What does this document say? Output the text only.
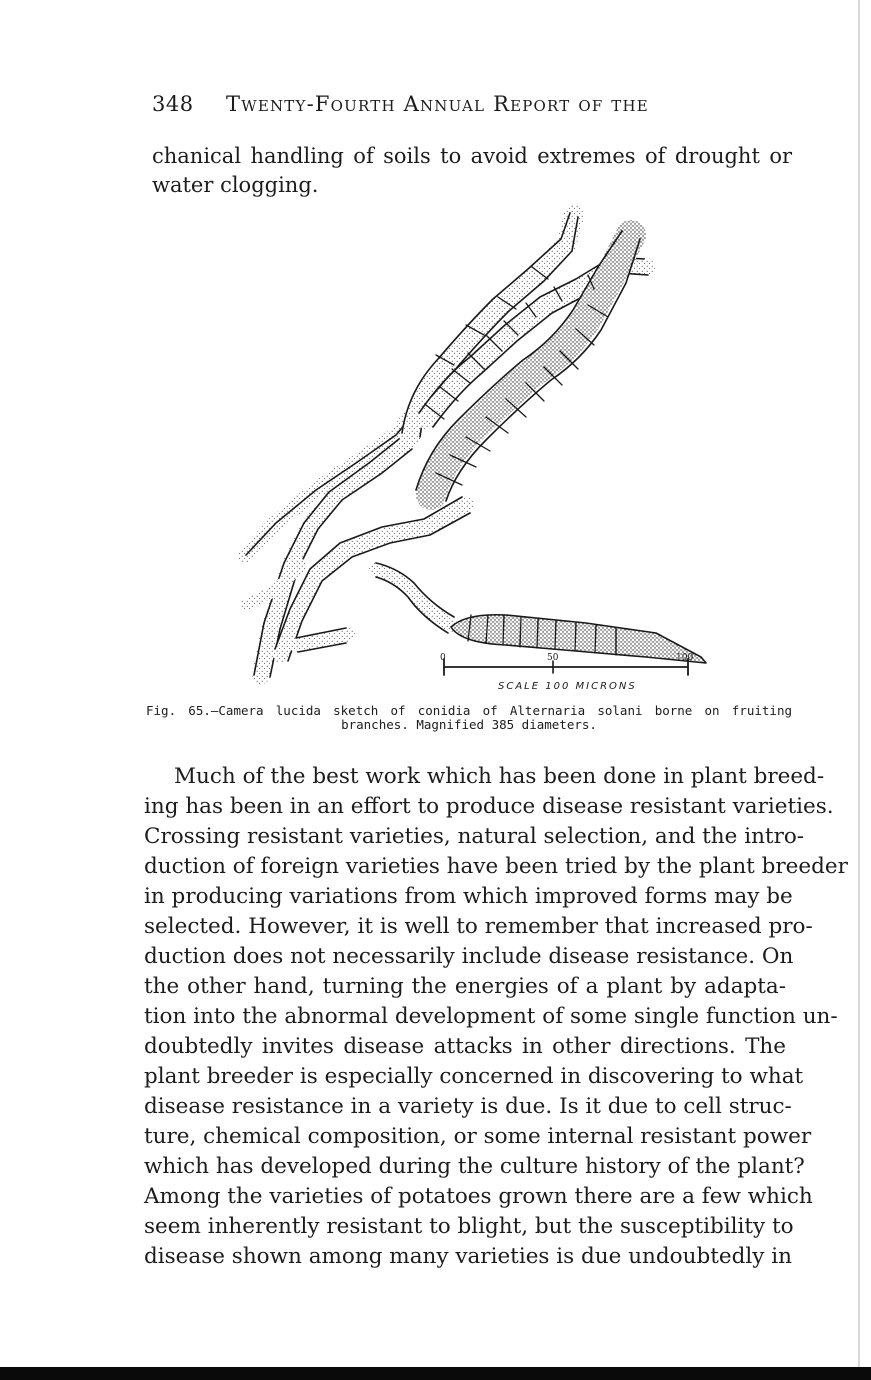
348 Twenty-Fourth Annual Report of the
chanical handling of soils to avoid extremes of drought or
water clogging.
0	50	100
SCALE 100 MICRONS
Fig. 65.—Camera lucida sketch of conidia of Alternaria solani borne on fruiting
branches. Magnified 385 diameters.
Much of the best work which has been done in plant breed-
ing has been in an effort to produce disease resistant varieties.
Crossing resistant varieties, natural selection, and the intro-
duction of foreign varieties have been tried by the plant breeder
in producing variations from which improved forms may be
selected. However, it is well to remember that increased pro-
duction does not necessarily include disease resistance. On
the other hand, turning the energies of a plant by adapta-
tion into the abnormal development of some single function un-
doubtedly invites disease attacks in other directions. The
plant breeder is especially concerned in discovering to what
disease resistance in a variety is due. Is it due to cell struc-
ture, chemical composition, or some internal resistant power
which has developed during the culture history of the plant?
Among the varieties of potatoes grown there are a few which
seem inherently resistant to blight, but the susceptibility to
disease shown among many varieties is due undoubtedly in
